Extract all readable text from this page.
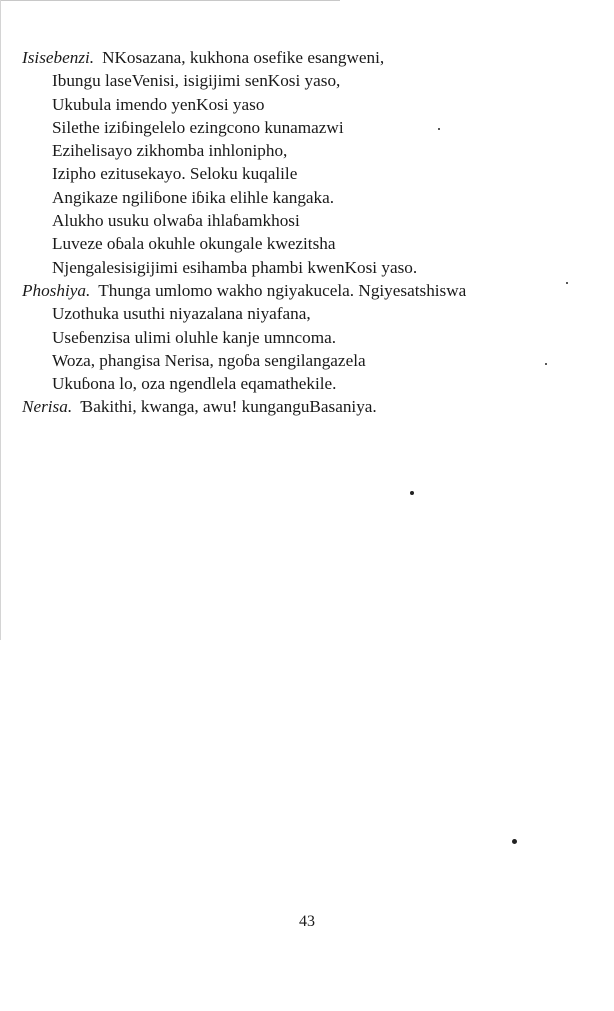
Isisebenzi. NKosazana, kukhona osefike esangweni,
Ibungu laseVenisi, isigijimi senKosi yaso,
Ukubula imendo yenKosi yaso
Silethe iziɓingelelo ezingcono kunamazwi
Ezihelisayo zikhomba inhlonipho,
Izipho ezitusekayo. Seloku kuqalile
Angikaze ngiliɓone iɓika elihle kangaka.
Alukho usuku olwaɓa ihlaɓamkhosi
Luveze oɓala okuhle okungale kwezitsha
Njengalesisigijimi esihamba phambi kwenKosi yaso.
Phoshiya. Thunga umlomo wakho ngiyakucela. Ngiyesatshiswa
Uzothuka usuthi niyazalana niyafana,
Useɓenzisa ulimi oluhle kanje umncoma.
Woza, phangisa Nerisa, ngoɓa sengilangazela
Ukuɓona lo, oza ngendlela eqamathekile.
Nerisa. Ɓakithi, kwanga, awu! kunganguBasaniya.
43
